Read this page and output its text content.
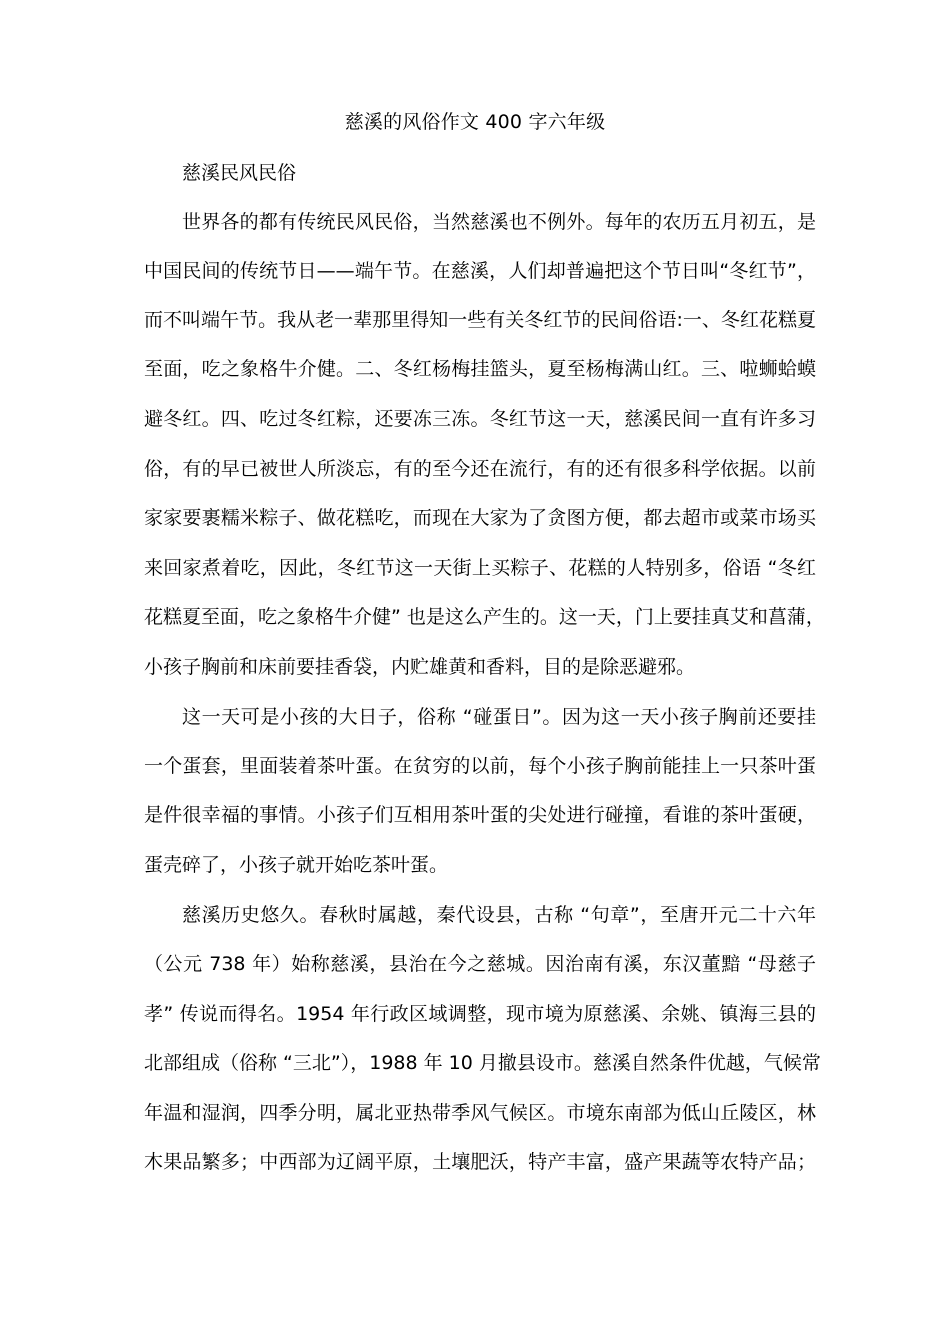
慈溪的风俗作文 400 字六年级
慈溪民风民俗
世界各的都有传统民风民俗，当然慈溪也不例外。每年的农历五月初五，是
中国民间的传统节日——端午节。在慈溪，人们却普遍把这个节日叫“冬红节”，
而不叫端午节。我从老一辈那里得知一些有关冬红节的民间俗语:一、冬红花糕夏
至面，吃之象格牛介健。二、冬红杨梅挂篮头，夏至杨梅满山红。三、啦蛳蛤蟆
避冬红。四、吃过冬红粽，还要冻三冻。冬红节这一天，慈溪民间一直有许多习
俗，有的早已被世人所淡忘，有的至今还在流行，有的还有很多科学依据。以前
家家要裹糯米粽子、做花糕吃，而现在大家为了贪图方便，都去超市或菜市场买
来回家煮着吃，因此，冬红节这一天街上买粽子、花糕的人特别多，俗语 “冬红
花糕夏至面，吃之象格牛介健” 也是这么产生的。这一天，门上要挂真艾和菖蒲，
小孩子胸前和床前要挂香袋，内贮雄黄和香料，目的是除恶避邪。
这一天可是小孩的大日子，俗称 “碰蛋日”。因为这一天小孩子胸前还要挂
一个蛋套，里面装着茶叶蛋。在贫穷的以前，每个小孩子胸前能挂上一只茶叶蛋
是件很幸福的事情。小孩子们互相用茶叶蛋的尖处进行碰撞，看谁的茶叶蛋硬，
蛋壳碎了，小孩子就开始吃茶叶蛋。
慈溪历史悠久。春秋时属越，秦代设县，古称 “句章”，至唐开元二十六年
（公元 738 年）始称慈溪，县治在今之慈城。因治南有溪，东汉董黯 “母慈子
孝” 传说而得名。1954 年行政区域调整，现市境为原慈溪、余姚、镇海三县的
北部组成（俗称 “三北”），1988 年 10 月撤县设市。慈溪自然条件优越，气候常
年温和湿润，四季分明，属北亚热带季风气候区。市境东南部为低山丘陵区，林
木果品繁多；中西部为辽阔平原，土壤肥沃，特产丰富，盛产果蔬等农特产品；
